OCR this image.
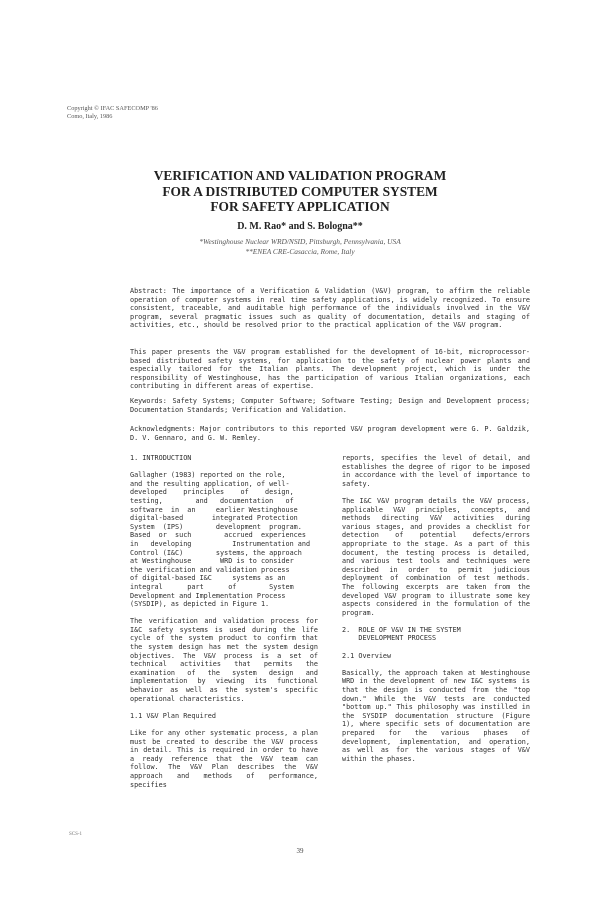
Copyright © IFAC SAFECOMP '86
Como, Italy, 1986
VERIFICATION AND VALIDATION PROGRAM
FOR A DISTRIBUTED COMPUTER SYSTEM
FOR SAFETY APPLICATION
D. M. Rao* and S. Bologna**
*Westinghouse Nuclear WRD/NSID, Pittsburgh, Pennsylvania, USA
**ENEA CRE-Casaccia, Rome, Italy

Abstract: The importance of a Verification & Validation (V&V) program, to affirm the reliable operation of computer systems in real time safety applications, is widely recognized. To ensure consistent, traceable, and auditable high performance of the individuals involved in the V&V program, several pragmatic issues such as quality of documentation, details and staging of activities, etc., should be resolved prior to the practical application of the V&V program.

This paper presents the V&V program established for the development of 16-bit, microprocessor-based distributed safety systems, for application to the safety of nuclear power plants and especially tailored for the Italian plants. The development project, which is under the responsibility of Westinghouse, has the participation of various Italian organizations, each contributing in different areas of expertise.

Keywords: Safety Systems; Computer Software; Software Testing; Design and Development process; Documentation Standards; Verification and Validation.

Acknowledgments: Major contributors to this reported V&V program development were G. P. Galdzik, D. V. Gennaro, and G. W. Remley.

1. INTRODUCTION

Gallagher (1983) reported on the role,
and the resulting application, of well-
developed    principles    of    design,
testing,        and   documentation   of
software  in  an     earlier Westinghouse
digital-based       integrated Protection
System  (IPS)        development  program.
Based  or  such        accrued  experiences
in   developing          Instrumentation and
Control (I&C)        systems, the approach
at Westinghouse       WRD is to consider
the verification and validation process
of digital-based I&C     systems as an
integral      part      of        System
Development and Implementation Process
(SYSDIP), as depicted in Figure 1.

The verification and validation process for I&C safety systems is used during the life cycle of the system product to confirm that the system design has met the system design objectives. The V&V process is a set of technical activities that permits the examination of the system design and implementation by viewing its functional behavior as well as the system's specific operational characteristics.

1.1 V&V Plan Required

Like for any other systematic process, a plan must be created to describe the V&V process in detail. This is required in order to have a ready reference that the V&V team can follow. The V&V Plan describes the V&V approach and methods of performance, specifies

reports, specifies the level of detail, and establishes the degree of rigor to be imposed in accordance with the level of importance to safety.

The I&C V&V program details the V&V process, applicable V&V principles, concepts, and methods directing V&V activities during various stages, and provides a checklist for detection of potential defects/errors appropriate to the stage. As a part of this document, the testing process is detailed, and various test tools and techniques were described in order to permit judicious deployment of combination of test methods. The following excerpts are taken from the developed V&V program to illustrate some key aspects considered in the formulation of the program.

2.  ROLE OF V&V IN THE SYSTEM
DEVELOPMENT PROCESS

2.1 Overview

Basically, the approach taken at Westinghouse WRD in the development of new I&C systems is that the design is conducted from the "top down." While the V&V tests are conducted "bottom up." This philosophy was instilled in the SYSDIP documentation structure (Figure 1), where specific sets of documentation are prepared for the various phases of development, implementation, and operation, as well as for the various stages of V&V within the phases.

SCS-1
39
